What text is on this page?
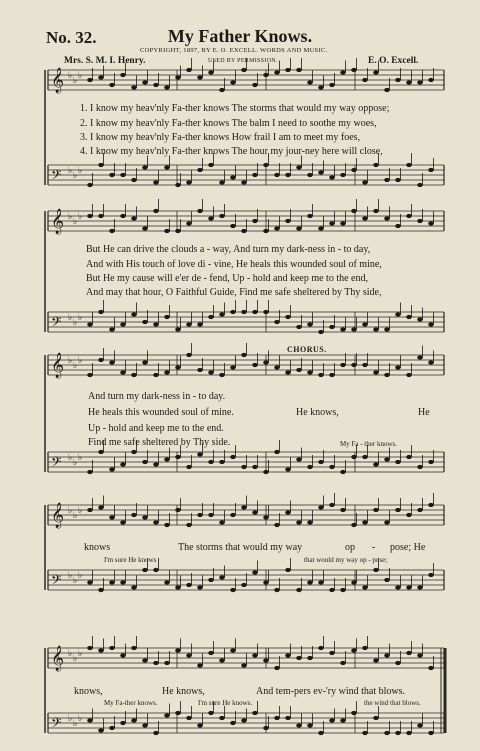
No. 32.	My Father Knows.
COPYRIGHT, 1897, BY E. O. EXCELL. WORDS AND MUSIC.
Mrs. S. M. I. Henry.	USED BY PERMISSION.	E. O. Excell.
𝄞 ♭ ♭ ♭
𝄢 ♭ ♭ ♭
𝄞 ♭ ♭ ♭
𝄢 ♭ ♭ ♭
𝄞 ♭ ♭ ♭
𝄢 ♭ ♭ ♭
𝄞 ♭ ♭ ♭
𝄢 ♭ ♭ ♭
𝄞 ♭ ♭ ♭
𝄢 ♭ ♭ ♭
1. I know my heav'nly Fa-ther knows The storms that would my way oppose;
2. I know my heav'nly Fa-ther knows The balm I need to soothe my woes,
3. I know my heav'nly Fa-ther knows How frail I am to meet my foes,
4. I know my heav'nly Fa-ther knows The hour my jour-ney here will close,
But He can drive the clouds a - way, And turn my dark-ness in - to day,
And with His touch of love di - vine, He heals this wounded soul of mine,
But He my cause will e'er de - fend, Up - hold and keep me to the end,
And may that hour, O Faithful Guide, Find me safe sheltered by Thy side,
CHORUS.
And turn my dark-ness in - to day.
He heals this wounded soul of mine.
Up - hold and keep me to the end.
Find me safe sheltered by Thy side.
He knows,	He
My Fa - ther knows.
knows	The storms that would my way	op - pose; He
I'm sure He knows	that would my way op - pose;
knows,	He knows,	And tem-pers ev-'ry wind that blows.
My Fa-ther knows.	I'm sure He knows.	the wind that blows.
